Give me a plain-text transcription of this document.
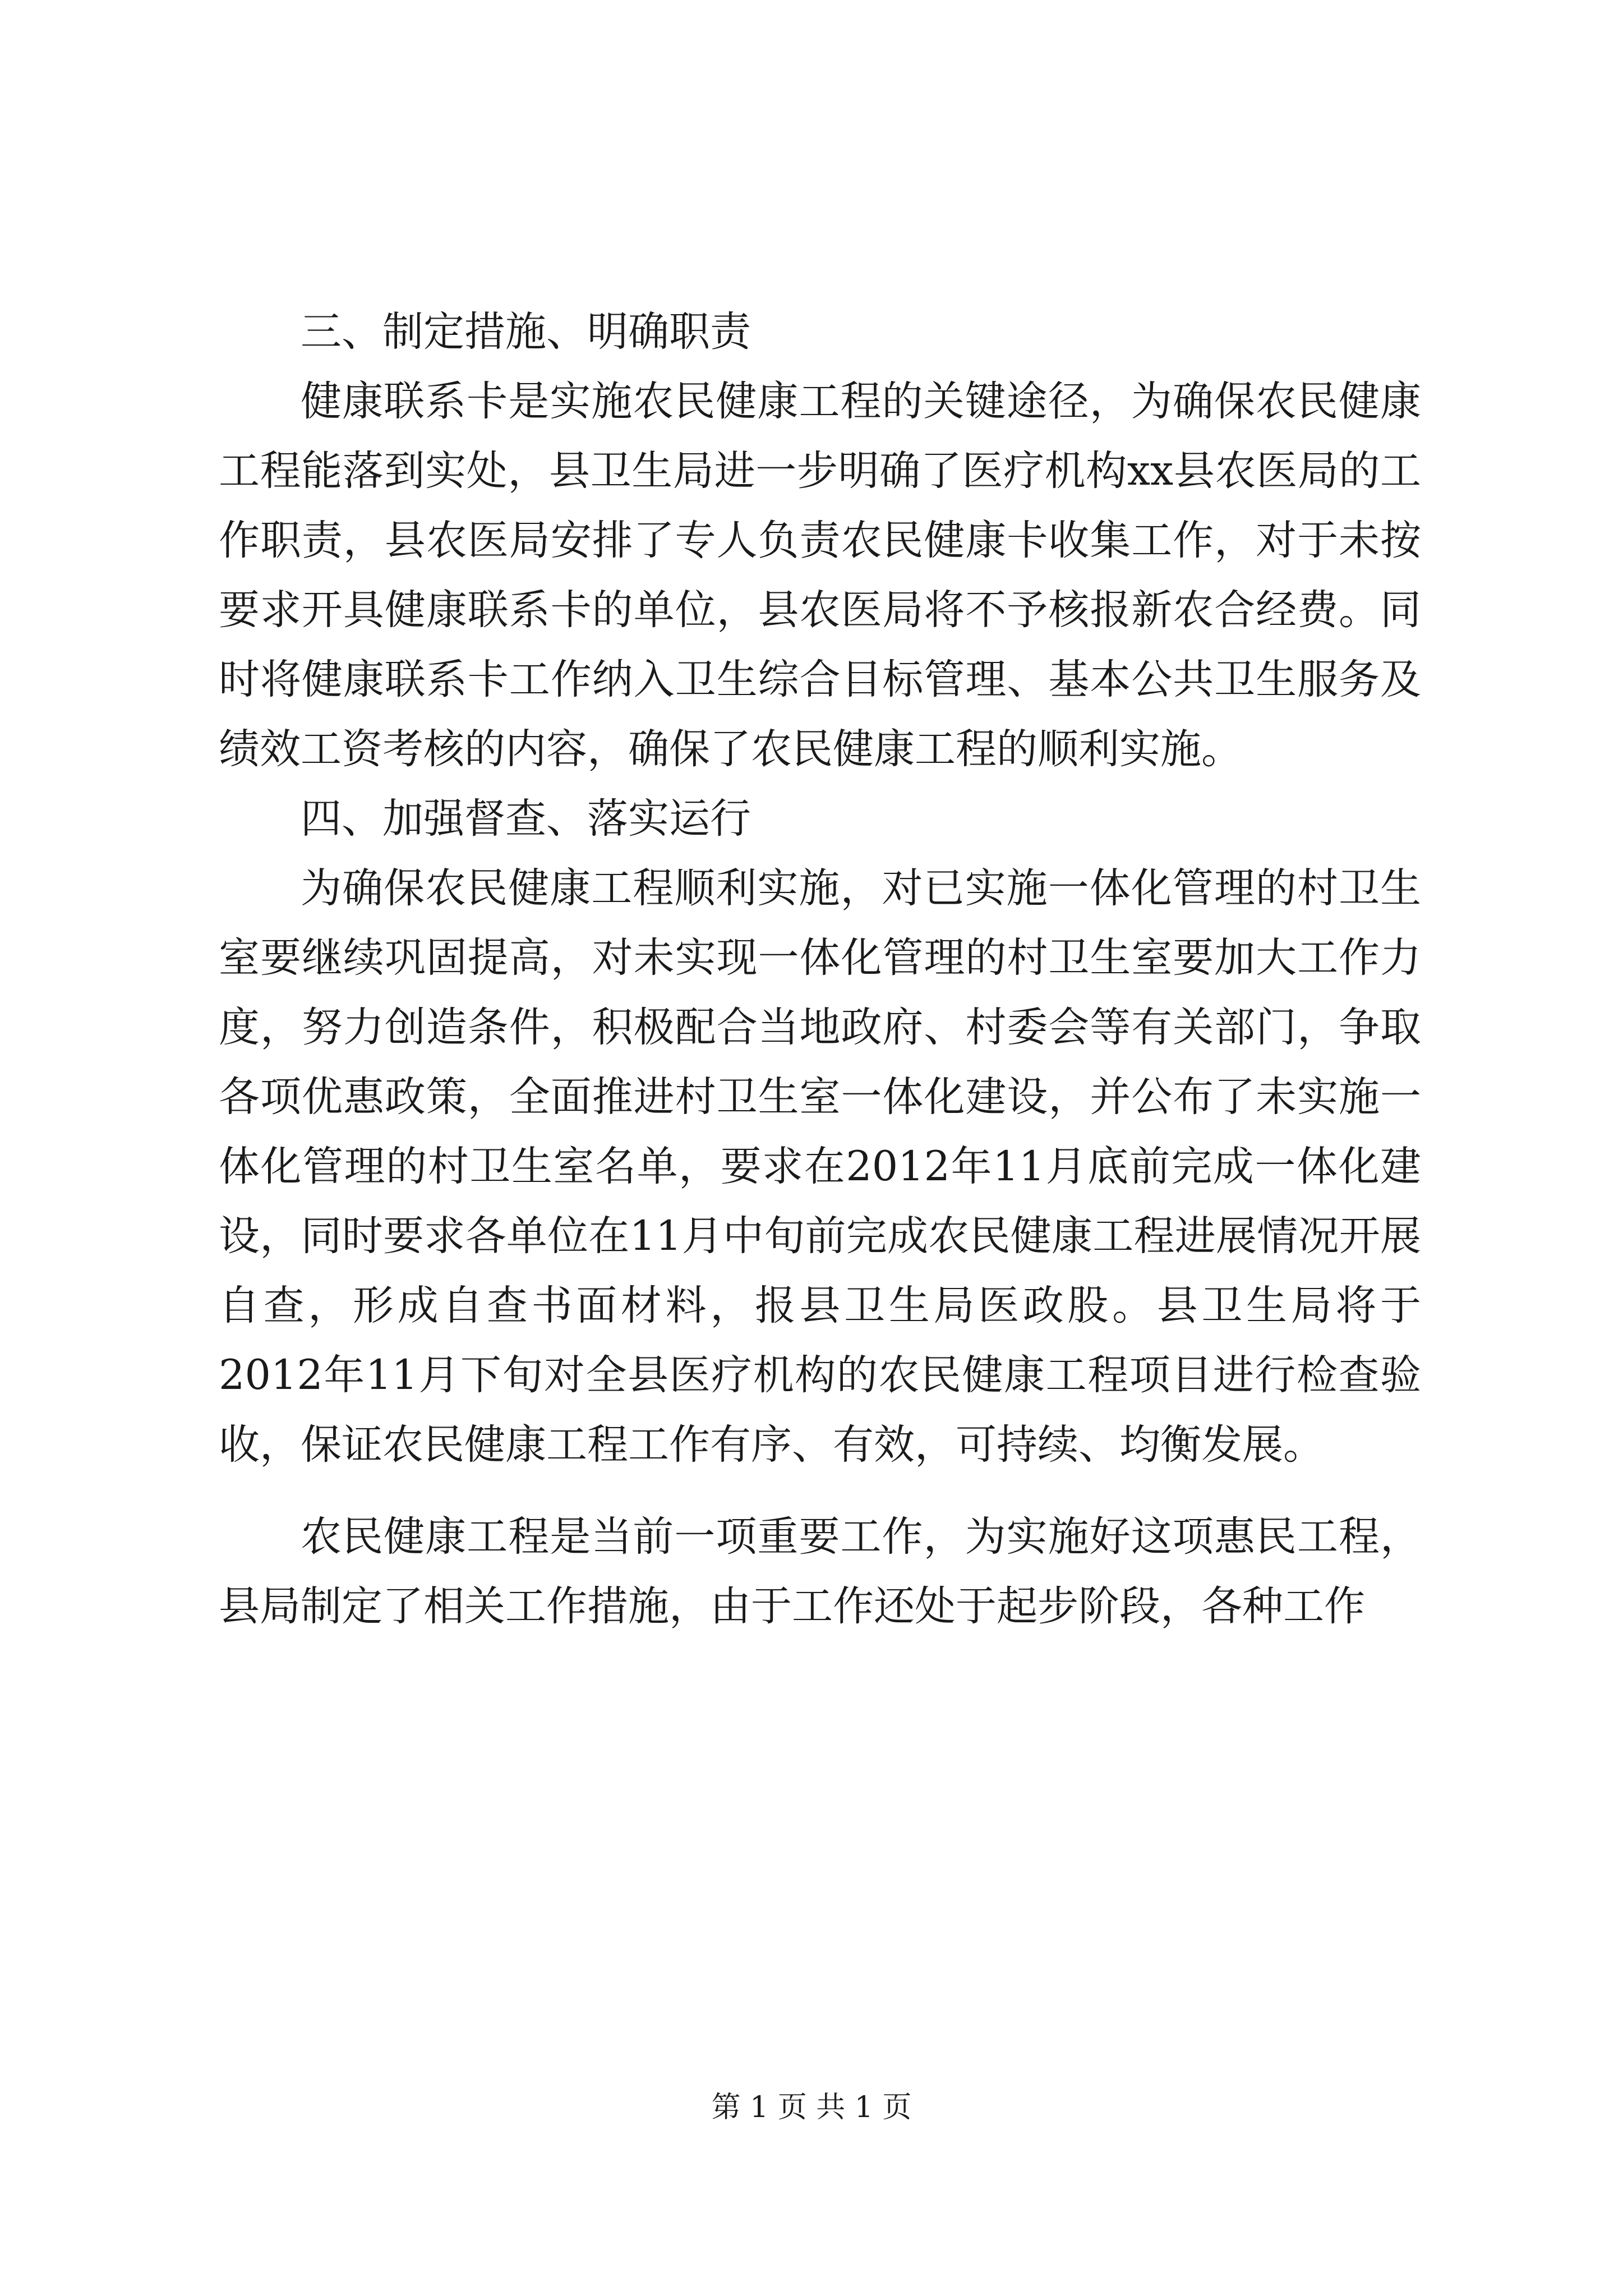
三、制定措施、明确职责

健康联系卡是实施农民健康工程的关键途径，为确保农民健康工程能落到实处，县卫生局进一步明确了医疗机构xx县农医局的工作职责，县农医局安排了专人负责农民健康卡收集工作，对于未按要求开具健康联系卡的单位，县农医局将不予核报新农合经费。同时将健康联系卡工作纳入卫生综合目标管理、基本公共卫生服务及绩效工资考核的内容，确保了农民健康工程的顺利实施。

四、加强督查、落实运行

为确保农民健康工程顺利实施，对已实施一体化管理的村卫生室要继续巩固提高，对未实现一体化管理的村卫生室要加大工作力度，努力创造条件，积极配合当地政府、村委会等有关部门，争取各项优惠政策，全面推进村卫生室一体化建设，并公布了未实施一体化管理的村卫生室名单，要求在2012年11月底前完成一体化建设，同时要求各单位在11月中旬前完成农民健康工程进展情况开展自查，形成自查书面材料，报县卫生局医政股。县卫生局将于2012年11月下旬对全县医疗机构的农民健康工程项目进行检查验收，保证农民健康工程工作有序、有效，可持续、均衡发展。

农民健康工程是当前一项重要工作，为实施好这项惠民工程，县局制定了相关工作措施，由于工作还处于起步阶段，各种工作

第 1 页 共 1 页
